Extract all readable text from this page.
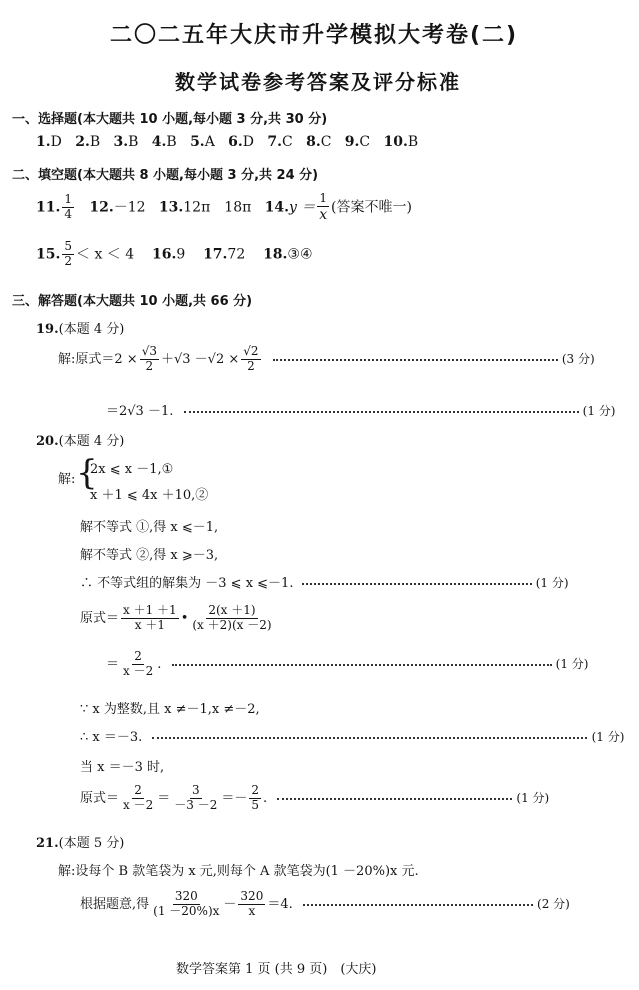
二〇二五年大庆市升学模拟大考卷(二)
数学试卷参考答案及评分标准
一、选择题(本大题共 10 小题,每小题 3 分,共 30 分)
1.D 2.B 3.B 4.B 5.A 6.D 7.C 8.C 9.C 10.B
二、填空题(本大题共 8 小题,每小题 3 分,共 24 分)
11. $\frac{1}{4} 12.-12$ 13.12π　18π $14.y = \frac{1}{x}$ (答案不唯一)
15. $\frac{5}{2} < x < 4$ 16.9 17.72 18.③④
三、解答题(本大题共 10 小题,共 66 分)
19.(本题 4 分)
解:原式$=2 \times \frac{√3}{2} +√3 -√2 \times \frac{√2}{2}$	(3 分)
＝2√3 －1.	(1 分)
20.(本题 4 分)
解: {
2x ⩽ x －1,①
x ＋1 ⩽ 4x ＋10,②
解不等式 ①,得 x ⩽－1,
解不等式 ②,得 x ⩾－3,
∴ 不等式组的解集为 －3 ⩽ x ⩽－1.	(1 分)
原式＝ $\frac{x +1 +1}{x +1}$ • $\frac{2(x +1)}{(x +2)(x -2)}$
＝ $\frac{2}{x -2}$ .	(1 分)
∵ x 为整数,且 x ≠－1,x ≠－2,
∴ x ＝－3.	(1 分)
当 x ＝－3 时,
原式＝ $\frac{2}{x -2} = \frac{3}{-3 -2} =- \frac{2}{5}$ .	(1 分)
21.(本题 5 分)
解:设每个 B 款笔袋为 x 元,则每个 A 款笔袋为(1 －20%)x 元.
根据题意,得 $\frac{320}{(1 -20\%)x} - \frac{320}{x} =4$.	(2 分)
数学答案第 1 页 (共 9 页)　(大庆)
